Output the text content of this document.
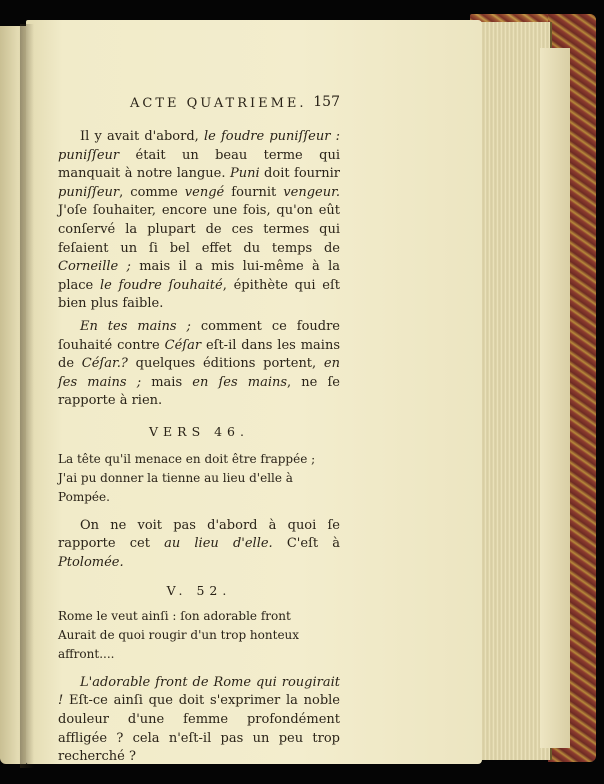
ACTE QUATRIEME. 157

Il y avait d'abord, le foudre puniſſeur : puniſſeur était un beau terme qui manquait à notre langue. Puni doit fournir puniſſeur, comme vengé fournit vengeur. J'oſe ſouhaiter, encore une fois, qu'on eût conſervé la plupart de ces termes qui feſaient un ſi bel effet du temps de Corneille ; mais il a mis lui-même à la place le foudre ſouhaité, épithète qui eſt bien plus faible.

En tes mains ; comment ce foudre ſouhaité contre Céſar eſt-il dans les mains de Céſar.? quelques éditions portent, en ſes mains ; mais en ſes mains, ne ſe rapporte à rien.

VERS 46.

La tête qu'il menace en doit être frappée ;
J'ai pu donner la tienne au lieu d'elle à Pompée.

On ne voit pas d'abord à quoi ſe rapporte cet au lieu d'elle. C'eſt à Ptolomée.

V. 52.

Rome le veut ainſi : ſon adorable front
Aurait de quoi rougir d'un trop honteux affront....

L'adorable front de Rome qui rougirait ! Eſt-ce ainſi que doit s'exprimer la noble douleur d'une femme profondément affligée ? cela n'eſt-il pas un peu trop recherché ?
